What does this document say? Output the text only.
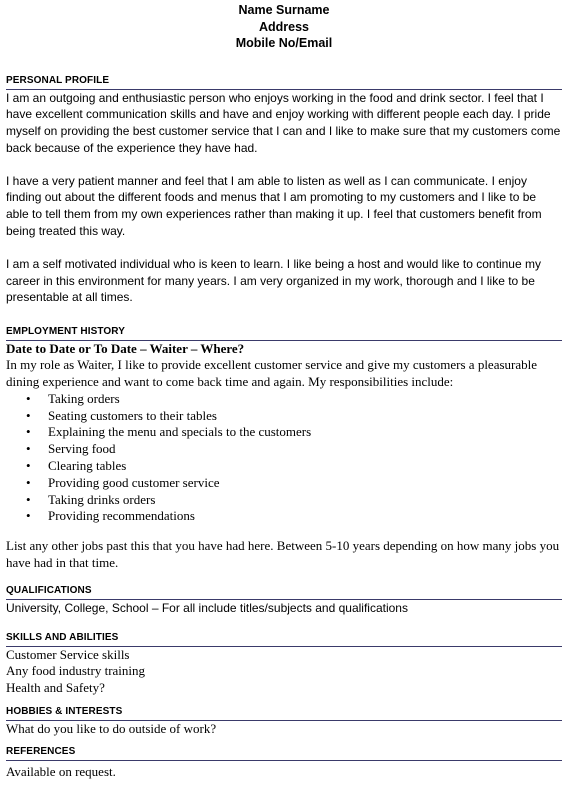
Name Surname
Address
Mobile No/Email
PERSONAL PROFILE

I am an outgoing and enthusiastic person who enjoys working in the food and drink sector. I feel that I have excellent communication skills and have and enjoy working with different people each day. I pride myself on providing the best customer service that I can and I like to make sure that my customers come back because of the experience they have had.

I have a very patient manner and feel that I am able to listen as well as I can communicate. I enjoy finding out about the different foods and menus that I am promoting to my customers and I like to be able to tell them from my own experiences rather than making it up. I feel that customers benefit from being treated this way.

I am a self motivated individual who is keen to learn. I like being a host and would like to continue my career in this environment for many years. I am very organized in my work, thorough and I like to be presentable at all times.

EMPLOYMENT HISTORY

Date to Date or To Date – Waiter – Where?

In my role as Waiter, I like to provide excellent customer service and give my customers a pleasurable dining experience and want to come back time and again. My responsibilities include:

• Taking orders
• Seating customers to their tables
• Explaining the menu and specials to the customers
• Serving food
• Clearing tables
• Providing good customer service
• Taking drinks orders
• Providing recommendations

List any other jobs past this that you have had here. Between 5-10 years depending on how many jobs you have had in that time.

QUALIFICATIONS

University, College, School – For all include titles/subjects and qualifications

SKILLS AND ABILITIES

Customer Service skills

Any food industry training

Health and Safety?

HOBBIES & INTERESTS

What do you like to do outside of work?

REFERENCES

Available on request.
